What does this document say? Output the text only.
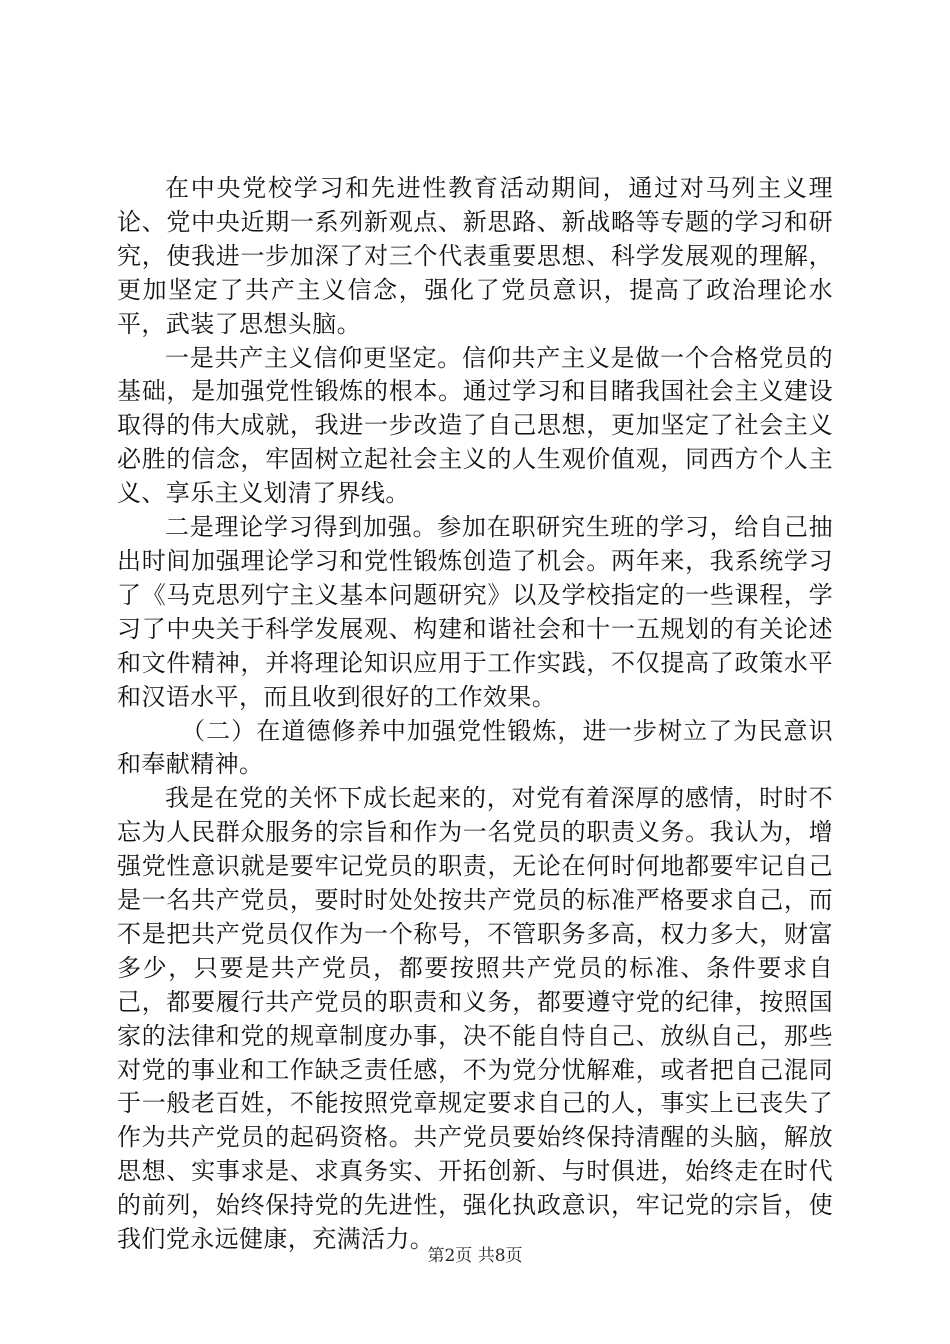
在中央党校学习和先进性教育活动期间，通过对马列主义理论、党中央近期一系列新观点、新思路、新战略等专题的学习和研究，使我进一步加深了对三个代表重要思想、科学发展观的理解，更加坚定了共产主义信念，强化了党员意识，提高了政治理论水平，武装了思想头脑。

一是共产主义信仰更坚定。信仰共产主义是做一个合格党员的基础，是加强党性锻炼的根本。通过学习和目睹我国社会主义建设取得的伟大成就，我进一步改造了自己思想，更加坚定了社会主义必胜的信念，牢固树立起社会主义的人生观价值观，同西方个人主义、享乐主义划清了界线。

二是理论学习得到加强。参加在职研究生班的学习，给自己抽出时间加强理论学习和党性锻炼创造了机会。两年来，我系统学习了《马克思列宁主义基本问题研究》以及学校指定的一些课程，学习了中央关于科学发展观、构建和谐社会和十一五规划的有关论述和文件精神，并将理论知识应用于工作实践，不仅提高了政策水平和汉语水平，而且收到很好的工作效果。

（二）在道德修养中加强党性锻炼，进一步树立了为民意识和奉献精神。

我是在党的关怀下成长起来的，对党有着深厚的感情，时时不忘为人民群众服务的宗旨和作为一名党员的职责义务。我认为，增强党性意识就是要牢记党员的职责，无论在何时何地都要牢记自己是一名共产党员，要时时处处按共产党员的标准严格要求自己，而不是把共产党员仅作为一个称号，不管职务多高，权力多大，财富多少，只要是共产党员，都要按照共产党员的标准、条件要求自己，都要履行共产党员的职责和义务，都要遵守党的纪律，按照国家的法律和党的规章制度办事，决不能自恃自己、放纵自己，那些对党的事业和工作缺乏责任感，不为党分忧解难，或者把自己混同于一般老百姓，不能按照党章规定要求自己的人，事实上已丧失了作为共产党员的起码资格。共产党员要始终保持清醒的头脑，解放思想、实事求是、求真务实、开拓创新、与时俱进，始终走在时代的前列，始终保持党的先进性，强化执政意识，牢记党的宗旨，使我们党永远健康，充满活力。

第2页 共8页
